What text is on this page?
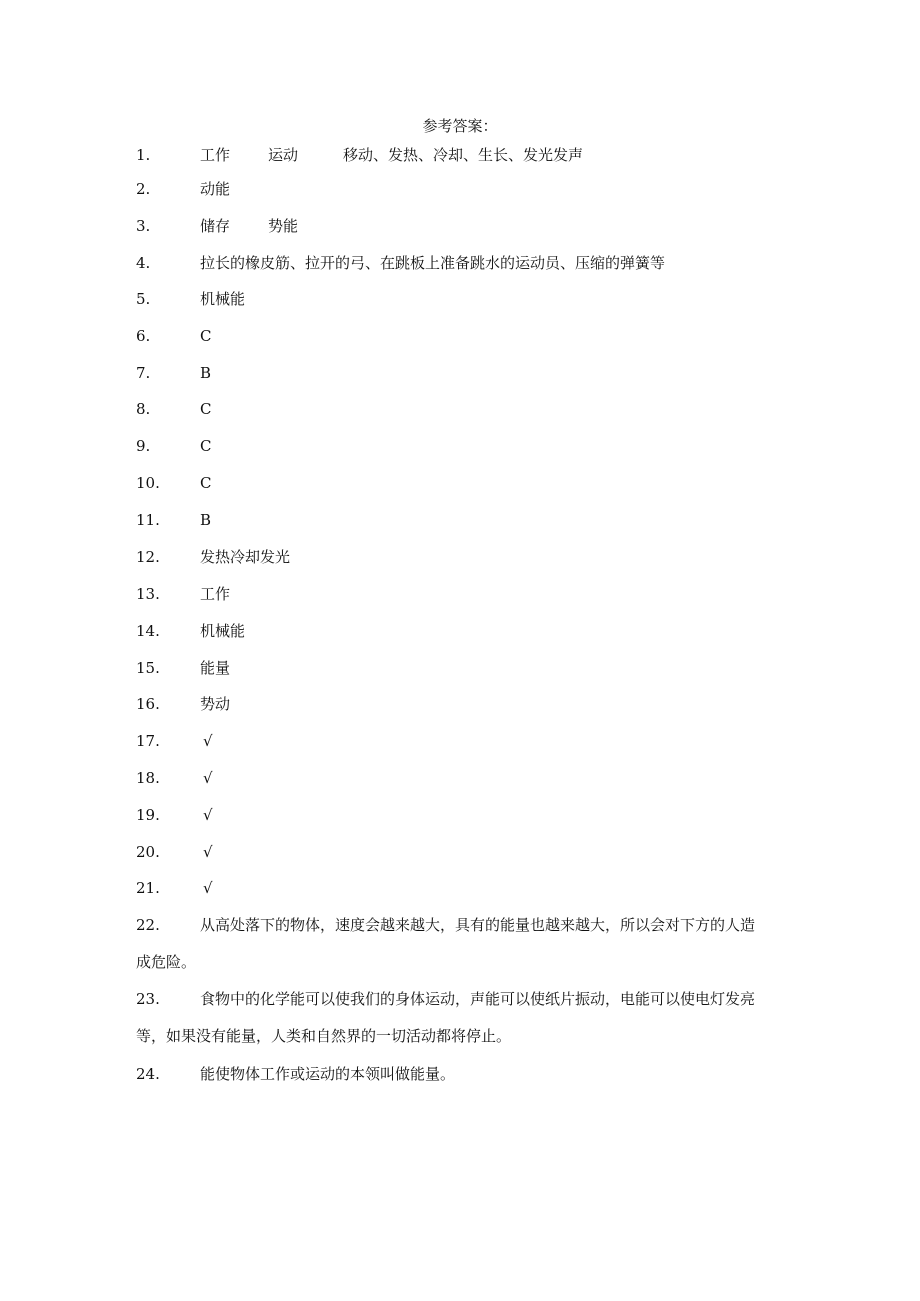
参考答案：
1.	工作	运动	移动、发热、冷却、生长、发光发声
2.	动能
3.	储存	势能
4.	拉长的橡皮筋、拉开的弓、在跳板上准备跳水的运动员、压缩的弹簧等
5.	机械能
6.	C
7.	B
8.	C
9.	C
10.	C
11.	B
12.	发热冷却发光
13.	工作
14.	机械能
15.	能量
16.	势动
17.	√
18.	√
19.	√
20.	√
21.	√
22.	从高处落下的物体，速度会越来越大，具有的能量也越来越大，所以会对下方的人造
成危险。
23.	食物中的化学能可以使我们的身体运动，声能可以使纸片振动，电能可以使电灯发亮
等，如果没有能量，人类和自然界的一切活动都将停止。
24.	能使物体工作或运动的本领叫做能量。
